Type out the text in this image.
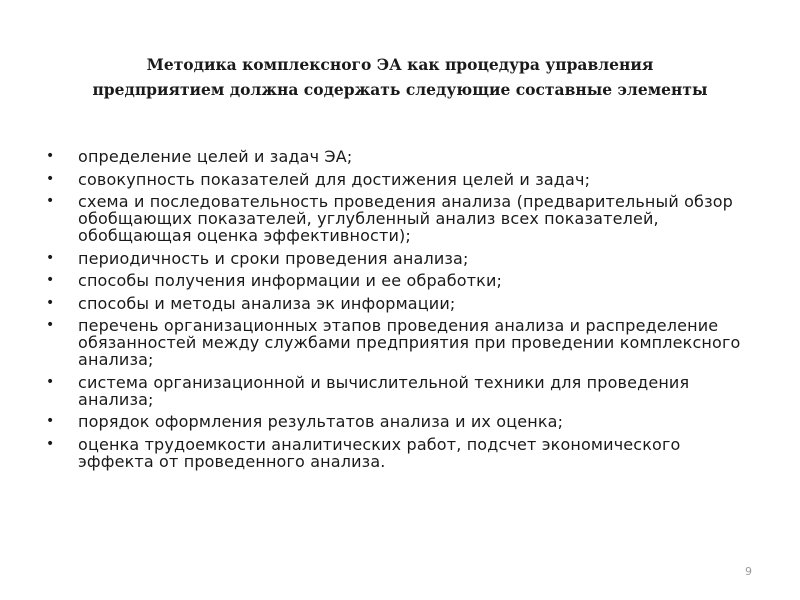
Методика комплексного ЭА как процедура управления
предприятием должна содержать следующие составные элементы
• определение целей и задач ЭА;
• совокупность показателей для достижения целей и задач;
• схема и последовательность проведения анализа (предварительный обзор обобщающих показателей, углубленный анализ всех показателей, обобщающая оценка эффективности);
• периодичность и сроки проведения анализа;
• способы получения информации и ее обработки;
• способы и методы анализа эк информации;
• перечень организационных этапов проведения анализа и распределение обязанностей между службами предприятия при проведении комплексного анализа;
• система организационной и вычислительной техники для проведения анализа;
• порядок оформления результатов анализа и их оценка;
• оценка трудоемкости аналитических работ, подсчет экономического эффекта от проведенного анализа.
9
